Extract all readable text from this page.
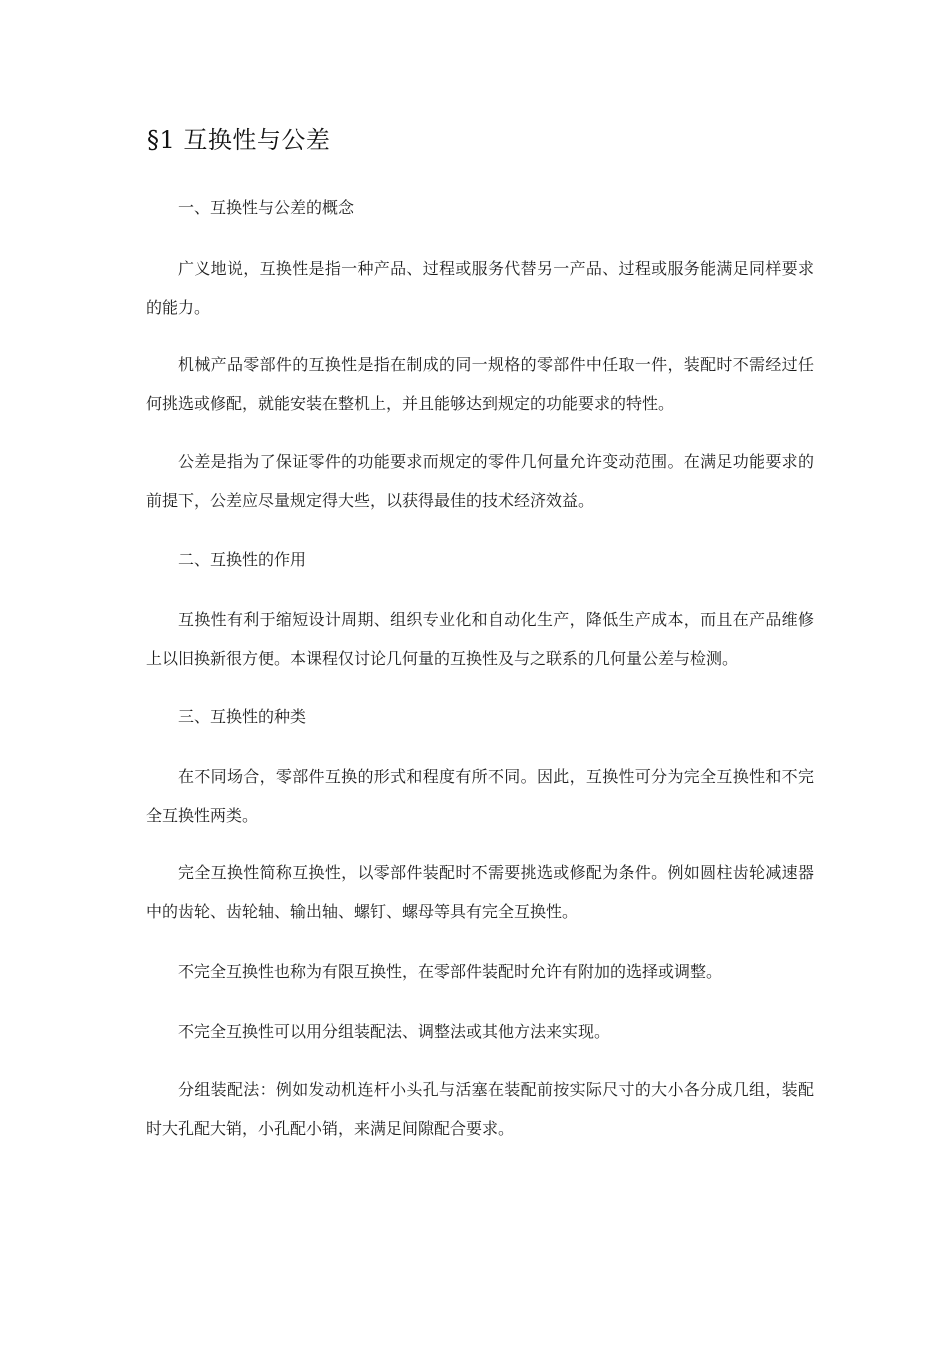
§1 互换性与公差

一、互换性与公差的概念

广义地说，互换性是指一种产品、过程或服务代替另一产品、过程或服务能满足同样要求的能力。

机械产品零部件的互换性是指在制成的同一规格的零部件中任取一件，装配时不需经过任何挑选或修配，就能安装在整机上，并且能够达到规定的功能要求的特性。

公差是指为了保证零件的功能要求而规定的零件几何量允许变动范围。在满足功能要求的前提下，公差应尽量规定得大些，以获得最佳的技术经济效益。

二、互换性的作用

互换性有利于缩短设计周期、组织专业化和自动化生产，降低生产成本，而且在产品维修上以旧换新很方便。本课程仅讨论几何量的互换性及与之联系的几何量公差与检测。

三、互换性的种类

在不同场合，零部件互换的形式和程度有所不同。因此，互换性可分为完全互换性和不完全互换性两类。

完全互换性简称互换性，以零部件装配时不需要挑选或修配为条件。例如圆柱齿轮减速器中的齿轮、齿轮轴、输出轴、螺钉、螺母等具有完全互换性。

不完全互换性也称为有限互换性，在零部件装配时允许有附加的选择或调整。

不完全互换性可以用分组装配法、调整法或其他方法来实现。

分组装配法：例如发动机连杆小头孔与活塞在装配前按实际尺寸的大小各分成几组，装配时大孔配大销，小孔配小销，来满足间隙配合要求。
